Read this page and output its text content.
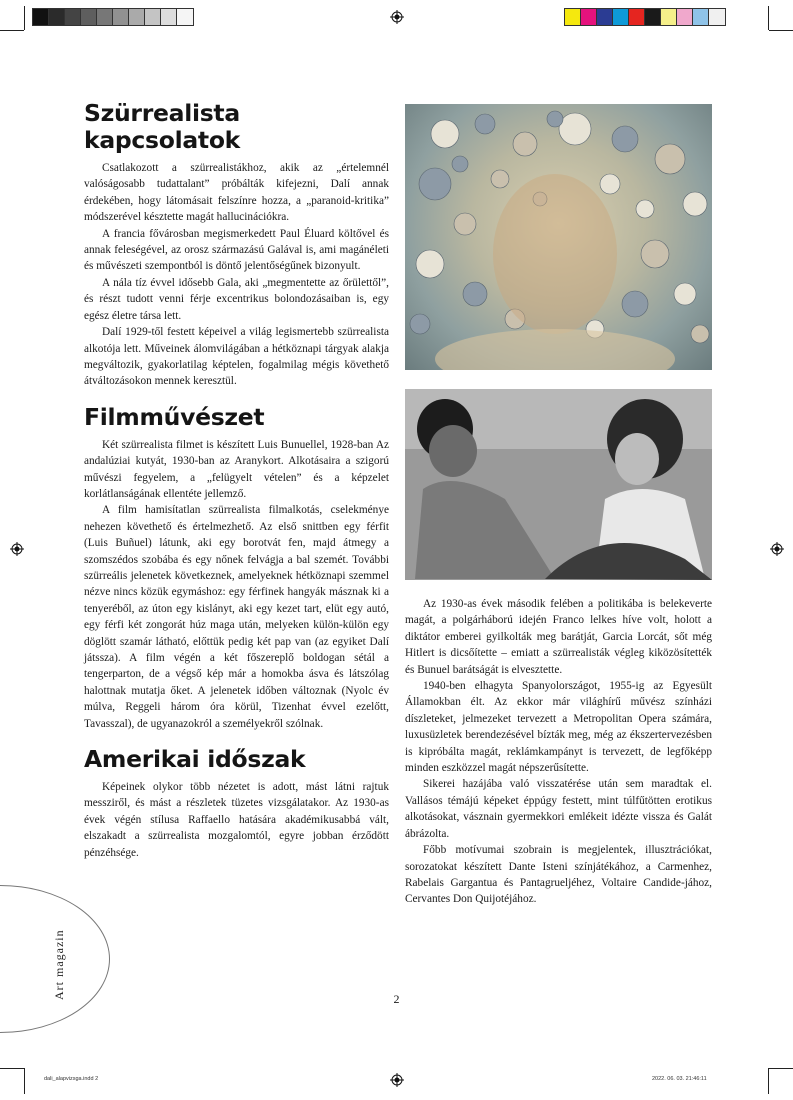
Szürrealista kapcsolatok

Csatlakozott a szürrealistákhoz, akik az „értelemnél valóságosabb tudattalant” próbálták kifejezni, Dalí annak érdekében, hogy látomásait felszínre hozza, a „paranoid-kritika” módszerével késztette magát hallucinációkra.

A francia fővárosban megismerkedett Paul Éluard költővel és annak feleségével, az orosz származású Galával is, ami magánéleti és művészeti szempontból is döntő jelentőségűnek bizonyult.

A nála tíz évvel idősebb Gala, aki „megmentette az őrülettől”, és részt tudott venni férje excentrikus bolondozásaiban is, egy egész életre társa lett.

Dalí 1929-től festett képeivel a világ legismertebb szürrealista alkotója lett. Műveinek álomvilágában a hétköznapi tárgyak alakja megváltozik, gyakorlatilag képtelen, fogalmilag mégis követhető átváltozásokon mennek keresztül.

Filmművészet

Két szürrealista filmet is készített Luis Bunuellel, 1928-ban Az andalúziai kutyát, 1930-ban az Aranykort. Alkotásaira a szigorú művészi fegyelem, a „felügyelt vételen” és a képzelet korlátlanságának ellentéte jellemző.

A film hamisítatlan szürrealista filmalkotás, cselekménye nehezen követhető és értelmezhető. Az első snittben egy férfit (Luis Buñuel) látunk, aki egy borotvát fen, majd átmegy a szomszédos szobába és egy nőnek felvágja a bal szemét. További szürreális jelenetek következnek, amelyeknek hétköznapi szemmel nézve nincs közük egymáshoz: egy férfinek hangyák másznak ki a tenyeréből, az úton egy kislányt, aki egy kezet tart, elüt egy autó, egy férfi két zongorát húz maga után, melyeken külön-külön egy döglött szamár látható, előttük pedig két pap van (az egyiket Dalí játssza). A film végén a két főszereplő boldogan sétál a tengerparton, de a végső kép már a homokba ásva és látszólag halottnak mutatja őket. A jelenetek időben változnak (Nyolc év múlva, Reggeli három óra körül, Tizenhat évvel ezelőtt, Tavasszal), de ugyanazokról a személyekről szólnak.

Amerikai időszak

Képeinek olykor több nézetet is adott, mást látni rajtuk messziről, és mást a részletek tüzetes vizsgálatakor. Az 1930-as évek végén stílusa Raffaello hatására akadémikusabbá vált, elszakadt a szürrealista mozgalomtól, egyre jobban érződött pénzéhsége.

Az 1930-as évek második felében a politikába is belekeverte magát, a polgárháború idején Franco lelkes híve volt, holott a diktátor emberei gyilkolták meg barátját, Garcia Lorcát, sőt még Hitlert is dicsőítette – emiatt a szürrealisták végleg kiközösítették és Bunuel barátságát is elvesztette.

1940-ben elhagyta Spanyolországot, 1955-ig az Egyesült Államokban élt. Az ekkor már világhírű művész színházi díszleteket, jelmezeket tervezett a Metropolitan Opera számára, luxusüzletek berendezésével bízták meg, még az ékszertervezésben is kipróbálta magát, reklámkampányt is tervezett, de legfőképp minden eszközzel magát népszerűsítette.

Sikerei hazájába való visszatérése után sem maradtak el. Vallásos témájú képeket éppúgy festett, mint túlfűtötten erotikus alkotásokat, vásznain gyermekkori emlékeit idézte vissza és Galát ábrázolta.

Főbb motívumai szobrain is megjelentek, illusztrációkat, sorozatokat készített Dante Isteni színjátékához, a Carmenhez, Rabelais Gargantua és Pantagrueljéhez, Voltaire Candide-jához, Cervantes Don Quijotéjához.

Art magazin	2
dali_alapvizsga.indd 2	2022. 06. 03. 21:46:11
